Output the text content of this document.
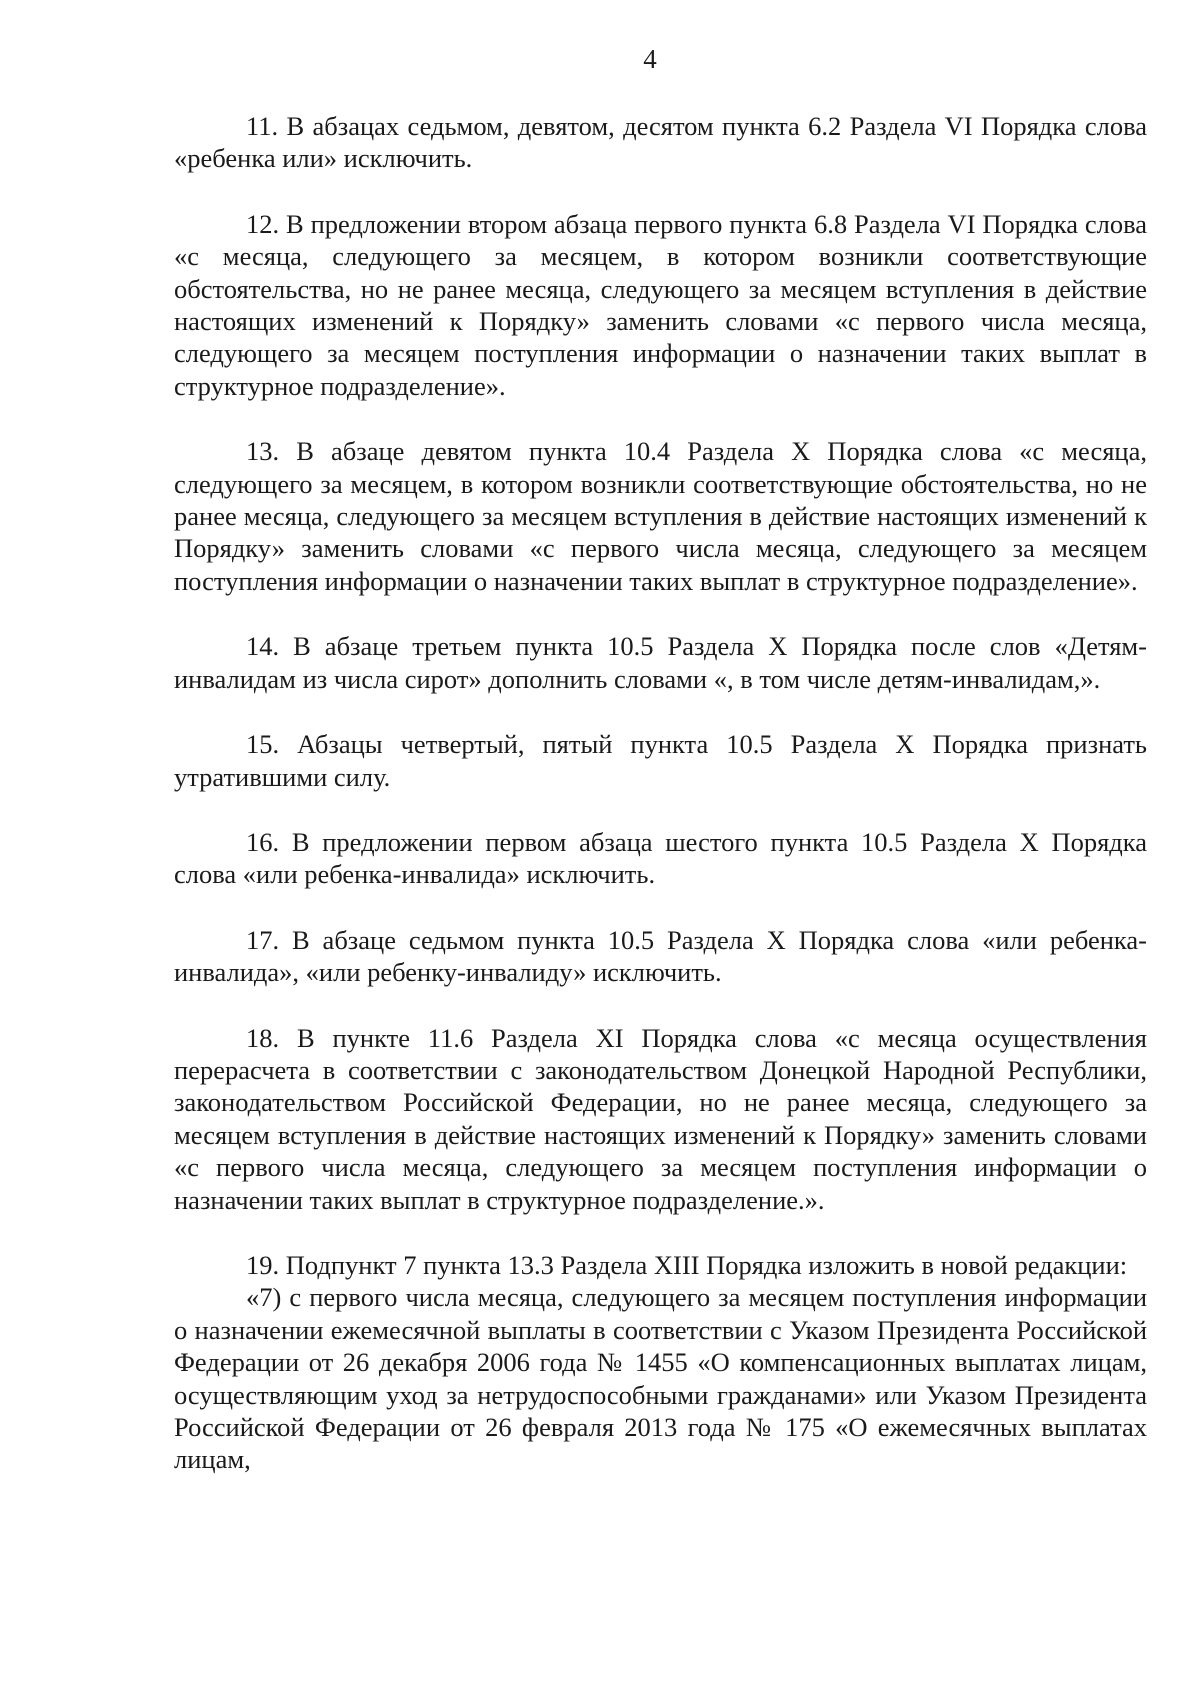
4

11. В абзацах седьмом, девятом, десятом пункта 6.2 Раздела VI Порядка слова «ребенка или» исключить.

12. В предложении втором абзаца первого пункта 6.8 Раздела VI Порядка слова «с месяца, следующего за месяцем, в котором возникли соответствующие обстоятельства, но не ранее месяца, следующего за месяцем вступления в действие настоящих изменений к Порядку» заменить словами «с первого числа месяца, следующего за месяцем поступления информации о назначении таких выплат в структурное подразделение».

13. В абзаце девятом пункта 10.4 Раздела X Порядка слова «с месяца, следующего за месяцем, в котором возникли соответствующие обстоятельства, но не ранее месяца, следующего за месяцем вступления в действие настоящих изменений к Порядку» заменить словами «с первого числа месяца, следующего за месяцем поступления информации о назначении таких выплат в структурное подразделение».

14. В абзаце третьем пункта 10.5 Раздела X Порядка после слов «Детям-инвалидам из числа сирот» дополнить словами «, в том числе детям-инвалидам,».

15. Абзацы четвертый, пятый пункта 10.5 Раздела X Порядка признать утратившими силу.

16. В предложении первом абзаца шестого пункта 10.5 Раздела X Порядка слова «или ребенка-инвалида» исключить.

17. В абзаце седьмом пункта 10.5 Раздела X Порядка слова «или ребенка-инвалида», «или ребенку-инвалиду» исключить.

18. В пункте 11.6 Раздела XI Порядка слова «с месяца осуществления перерасчета в соответствии с законодательством Донецкой Народной Республики, законодательством Российской Федерации, но не ранее месяца, следующего за месяцем вступления в действие настоящих изменений к Порядку» заменить словами «с первого числа месяца, следующего за месяцем поступления информации о назначении таких выплат в структурное подразделение.».

19. Подпункт 7 пункта 13.3 Раздела XIII Порядка изложить в новой редакции:

«7) с первого числа месяца, следующего за месяцем поступления информации о назначении ежемесячной выплаты в соответствии с Указом Президента Российской Федерации от 26 декабря 2006 года № 1455 «О компенсационных выплатах лицам, осуществляющим уход за нетрудоспособными гражданами» или Указом Президента Российской Федерации от 26 февраля 2013 года № 175 «О ежемесячных выплатах лицам,
